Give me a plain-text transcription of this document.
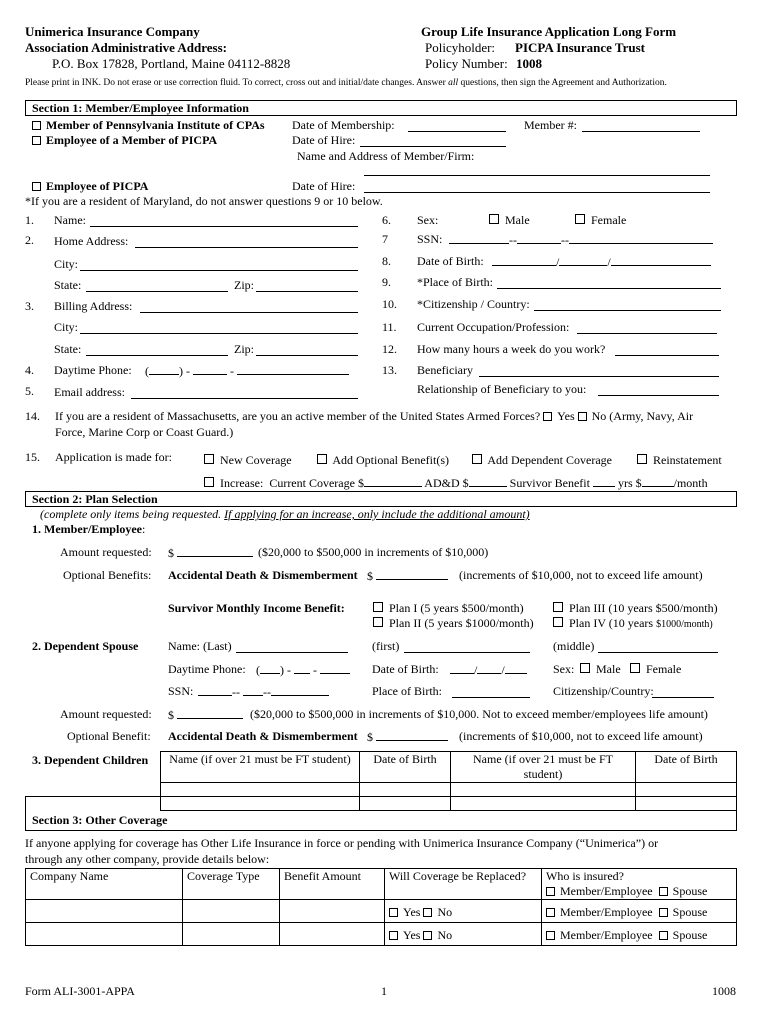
Unimerica Insurance Company
Association Administrative Address:
P.O. Box 17828, Portland, Maine 04112-8828
Group Life Insurance Application Long Form
Policyholder: PICPA Insurance Trust
Policy Number: 1008
Please print in INK. Do not erase or use correction fluid. To correct, cross out and initial/date changes. Answer all questions, then sign the Agreement and Authorization.
Section 1: Member/Employee Information
Member of Pennsylvania Institute of CPAs Date of Membership:	Member #:
Employee of a Member of PICPA	Date of Hire:
Name and Address of Member/Firm:
Employee of PICPA	Date of Hire:
*If you are a resident of Maryland, do not answer questions 9 or 10 below.
1. Name:
2. Home Address:
City:
State:	Zip:
3. Billing Address:
City:
State:	Zip:
4. Daytime Phone: (	) -	-
5. Email address:
6. Sex:	Male	Female
7 SSN:	--	--
8. Date of Birth:	/	/
9. *Place of Birth:
10. *Citizenship / Country:
11. Current Occupation/Profession:
12. How many hours a week do you work?
13. Beneficiary
Relationship of Beneficiary to you:
14. If you are a resident of Massachusetts, are you an active member of the United States Armed Forces? Yes No (Army, Navy, Air
Force, Marine Corp or Coast Guard.)
15. Application is made for:	New Coverage	Add Optional Benefit(s)	Add Dependent Coverage	Reinstatement
Increase: Current Coverage $	AD&D $	Survivor Benefit yrs $	/month
Section 2: Plan Selection
(complete only items being requested. If applying for an increase, only include the additional amount)
1. Member/Employee:
Amount requested: $	($20,000 to $500,000 in increments of $10,000)
Optional Benefits: Accidental Death & Dismemberment $	(increments of $10,000, not to exceed life amount)
Survivor Monthly Income Benefit:	Plan I (5 years $500/month)
Plan II (5 years $1000/month)
Plan III (10 years $500/month)
Plan IV (10 years $1000/month)
2. Dependent Spouse Name: (Last)	(first)	(middle)
Daytime Phone: ( ) - -	Date of Birth:	/ /	Sex:	Male	Female
SSN:	-- --	Place of Birth:	Citizenship/Country:
Amount requested: $	($20,000 to $500,000 in increments of $10,000. Not to exceed member/employees life amount)
Optional Benefit: Accidental Death & Dismemberment $	(increments of $10,000, not to exceed life amount)
3. Dependent Children Name (if over 21 must be FT student)	Date of Birth	Name (if over 21 must be FT student)	Date of Birth

Section 3: Other Coverage
If anyone applying for coverage has Other Life Insurance in force or pending with Unimerica Insurance Company (“Unimerica”) or
through any other company, provide details below:
Company Name	Coverage Type	Benefit Amount	Will Coverage be Replaced?	Who is insured?
Member/Employee Spouse
			Yes No	Member/Employee Spouse
			Yes No	Member/Employee Spouse
Form ALI-3001-APPA	1	1008
